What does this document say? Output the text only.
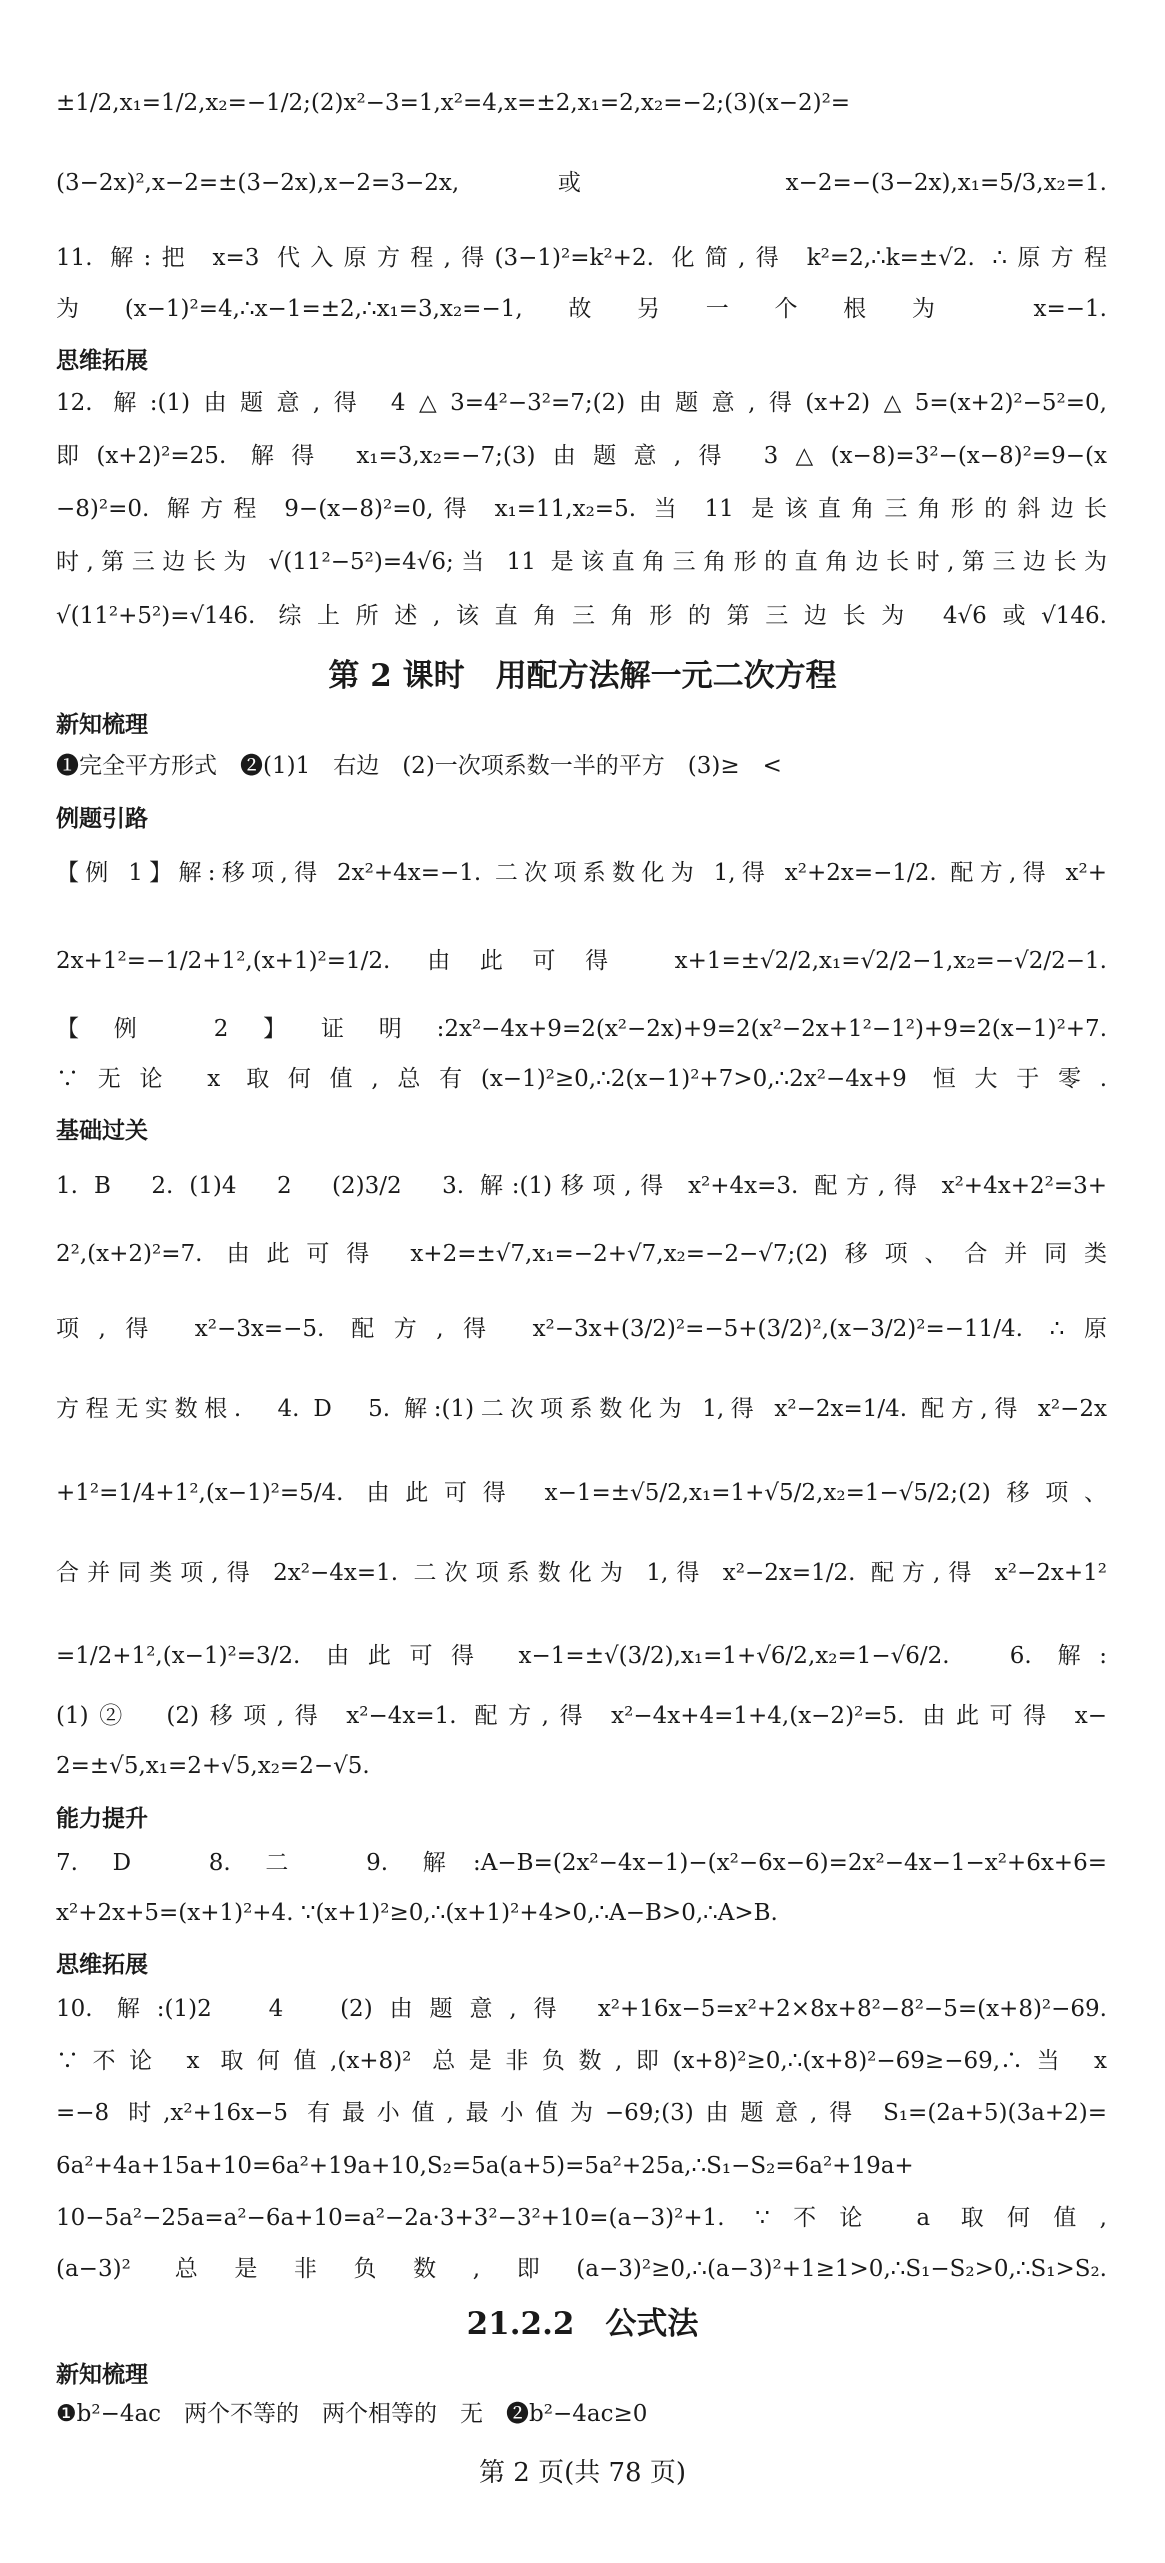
±1/2,x₁=1/2,x₂=−1/2;(2)x²−3=1,x²=4,x=±2,x₁=2,x₂=−2;(3)(x−2)²=
(3−2x)²,x−2=±(3−2x),x−2=3−2x,或 x−2=−(3−2x),x₁=5/3,x₂=1.
11. 解:把 x=3 代入原方程,得(3−1)²=k²+2. 化简,得 k²=2,∴k=±√2. ∴原方程
为(x−1)²=4,∴x−1=±2,∴x₁=3,x₂=−1,故另一个根为 x=−1.
思维拓展
12. 解:(1)由题意,得 4△3=4²−3²=7;(2)由题意,得(x+2)△5=(x+2)²−5²=0,
即(x+2)²=25. 解得 x₁=3,x₂=−7;(3)由题意,得 3△(x−8)=3²−(x−8)²=9−(x
−8)²=0. 解方程 9−(x−8)²=0,得 x₁=11,x₂=5. 当 11 是该直角三角形的斜边长
时,第三边长为 √(11²−5²)=4√6;当 11 是该直角三角形的直角边长时,第三边长为
√(11²+5²)=√146. 综上所述,该直角三角形的第三边长为 4√6或√146.
第 2 课时　用配方法解一元二次方程
新知梳理
❶完全平方形式　❷(1)1　右边　(2)一次项系数一半的平方　(3)≥　<
例题引路
【例 1】解:移项,得 2x²+4x=−1. 二次项系数化为 1,得 x²+2x=−1/2. 配方,得 x²+
2x+1²=−1/2+1²,(x+1)²=1/2. 由此可得 x+1=±√2/2,x₁=√2/2−1,x₂=−√2/2−1.
【例 2】证明:2x²−4x+9=2(x²−2x)+9=2(x²−2x+1²−1²)+9=2(x−1)²+7.
∵无论 x 取何值,总有(x−1)²≥0,∴2(x−1)²+7>0,∴2x²−4x+9 恒大于零.
基础过关
1. B　2. (1)4　2　(2)3/2　3. 解:(1)移项,得 x²+4x=3. 配方,得 x²+4x+2²=3+
2²,(x+2)²=7. 由此可得 x+2=±√7,x₁=−2+√7,x₂=−2−√7;(2)移项、合并同类
项,得 x²−3x=−5. 配方,得 x²−3x+(3/2)²=−5+(3/2)²,(x−3/2)²=−11/4. ∴原
方程无实数根.　4. D　5. 解:(1)二次项系数化为 1,得 x²−2x=1/4. 配方,得 x²−2x
+1²=1/4+1²,(x−1)²=5/4. 由此可得 x−1=±√5/2,x₁=1+√5/2,x₂=1−√5/2;(2)移项、
合并同类项,得 2x²−4x=1. 二次项系数化为 1,得 x²−2x=1/2. 配方,得 x²−2x+1²
=1/2+1²,(x−1)²=3/2. 由此可得 x−1=±√(3/2),x₁=1+√6/2,x₂=1−√6/2.　6. 解:
(1)②　(2)移项,得 x²−4x=1. 配方,得 x²−4x+4=1+4,(x−2)²=5. 由此可得 x−
2=±√5,x₁=2+√5,x₂=2−√5.
能力提升
7. D　8. 二　9. 解:A−B=(2x²−4x−1)−(x²−6x−6)=2x²−4x−1−x²+6x+6=
x²+2x+5=(x+1)²+4. ∵(x+1)²≥0,∴(x+1)²+4>0,∴A−B>0,∴A>B.
思维拓展
10. 解:(1)2　4　(2)由题意,得 x²+16x−5=x²+2×8x+8²−8²−5=(x+8)²−69.
∵不论 x 取何值,(x+8)² 总是非负数,即(x+8)²≥0,∴(x+8)²−69≥−69,∴当 x
=−8 时,x²+16x−5 有最小值,最小值为−69;(3)由题意,得 S₁=(2a+5)(3a+2)=
6a²+4a+15a+10=6a²+19a+10,S₂=5a(a+5)=5a²+25a,∴S₁−S₂=6a²+19a+
10−5a²−25a=a²−6a+10=a²−2a·3+3²−3²+10=(a−3)²+1. ∵不论 a 取何值,
(a−3)² 总是非负数,即(a−3)²≥0,∴(a−3)²+1≥1>0,∴S₁−S₂>0,∴S₁>S₂.
21.2.2　公式法
新知梳理
❶b²−4ac　两个不等的　两个相等的　无　❷b²−4ac≥0
第 2 页(共 78 页)
